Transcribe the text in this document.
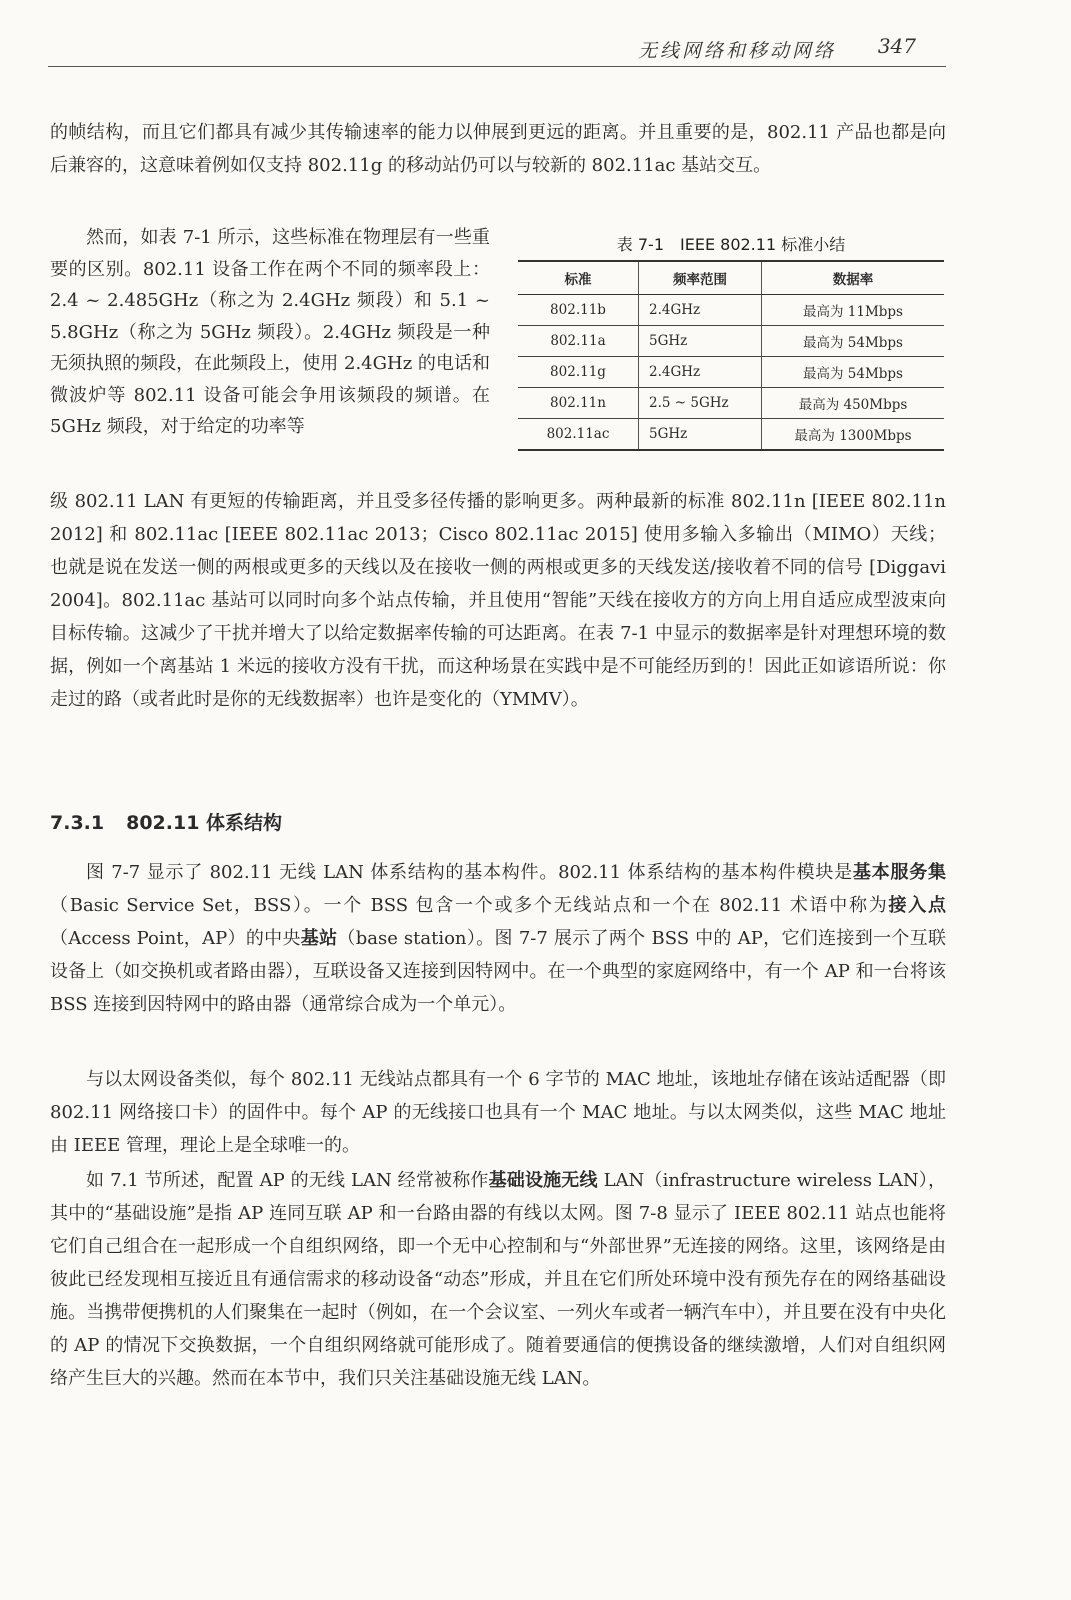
无线网络和移动网络 347

的帧结构，而且它们都具有减少其传输速率的能力以伸展到更远的距离。并且重要的是，802.11 产品也都是向后兼容的，这意味着例如仅支持 802.11g 的移动站仍可以与较新的 802.11ac 基站交互。

然而，如表 7-1 所示，这些标准在物理层有一些重要的区别。802.11 设备工作在两个不同的频率段上：2.4 ~ 2.485GHz（称之为 2.4GHz 频段）和 5.1 ~ 5.8GHz（称之为 5GHz 频段）。2.4GHz 频段是一种无须执照的频段，在此频段上，使用 2.4GHz 的电话和微波炉等 802.11 设备可能会争用该频段的频谱。在 5GHz 频段，对于给定的功率等

表 7-1　IEEE 802.11 标准小结
标准	频率范围	数据率
802.11b	2.4GHz	最高为 11Mbps
802.11a	5GHz	最高为 54Mbps
802.11g	2.4GHz	最高为 54Mbps
802.11n	2.5 ~ 5GHz	最高为 450Mbps
802.11ac	5GHz	最高为 1300Mbps

级 802.11 LAN 有更短的传输距离，并且受多径传播的影响更多。两种最新的标准 802.11n [IEEE 802.11n 2012] 和 802.11ac [IEEE 802.11ac 2013；Cisco 802.11ac 2015] 使用多输入多输出（MIMO）天线；也就是说在发送一侧的两根或更多的天线以及在接收一侧的两根或更多的天线发送/接收着不同的信号 [Diggavi 2004]。802.11ac 基站可以同时向多个站点传输，并且使用“智能”天线在接收方的方向上用自适应成型波束向目标传输。这减少了干扰并增大了以给定数据率传输的可达距离。在表 7-1 中显示的数据率是针对理想环境的数据，例如一个离基站 1 米远的接收方没有干扰，而这种场景在实践中是不可能经历到的！因此正如谚语所说：你走过的路（或者此时是你的无线数据率）也许是变化的（YMMV）。

7.3.1 802.11 体系结构

图 7-7 显示了 802.11 无线 LAN 体系结构的基本构件。802.11 体系结构的基本构件模块是基本服务集（Basic Service Set，BSS）。一个 BSS 包含一个或多个无线站点和一个在 802.11 术语中称为接入点（Access Point，AP）的中央基站（base station）。图 7-7 展示了两个 BSS 中的 AP，它们连接到一个互联设备上（如交换机或者路由器），互联设备又连接到因特网中。在一个典型的家庭网络中，有一个 AP 和一台将该 BSS 连接到因特网中的路由器（通常综合成为一个单元）。

与以太网设备类似，每个 802.11 无线站点都具有一个 6 字节的 MAC 地址，该地址存储在该站适配器（即 802.11 网络接口卡）的固件中。每个 AP 的无线接口也具有一个 MAC 地址。与以太网类似，这些 MAC 地址由 IEEE 管理，理论上是全球唯一的。

如 7.1 节所述，配置 AP 的无线 LAN 经常被称作基础设施无线 LAN（infrastructure wireless LAN），其中的“基础设施”是指 AP 连同互联 AP 和一台路由器的有线以太网。图 7-8 显示了 IEEE 802.11 站点也能将它们自己组合在一起形成一个自组织网络，即一个无中心控制和与“外部世界”无连接的网络。这里，该网络是由彼此已经发现相互接近且有通信需求的移动设备“动态”形成，并且在它们所处环境中没有预先存在的网络基础设施。当携带便携机的人们聚集在一起时（例如，在一个会议室、一列火车或者一辆汽车中），并且要在没有中央化的 AP 的情况下交换数据，一个自组织网络就可能形成了。随着要通信的便携设备的继续激增，人们对自组织网络产生巨大的兴趣。然而在本节中，我们只关注基础设施无线 LAN。
